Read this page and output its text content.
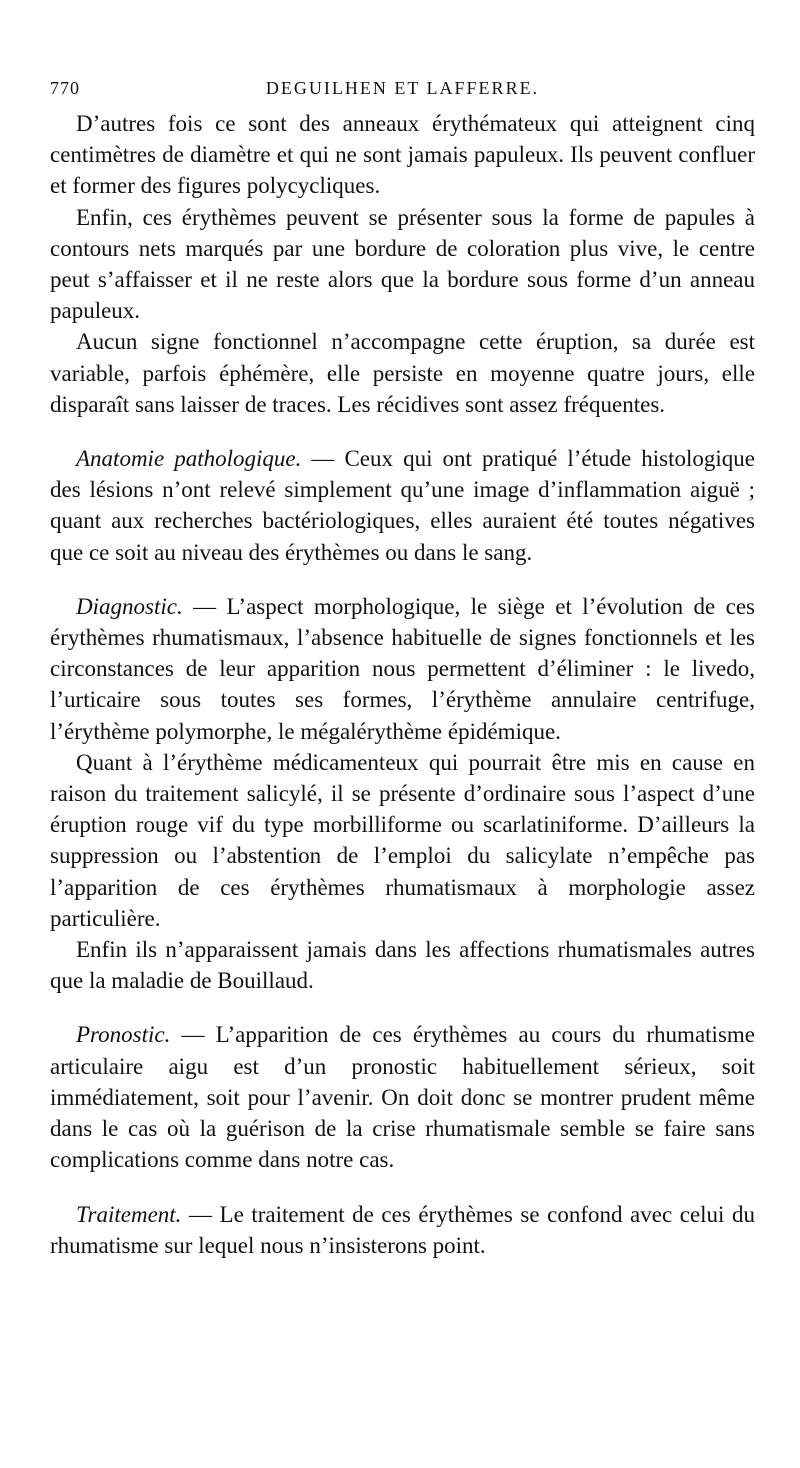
770	DEGUILHEN ET LAFFERRE.

D’autres fois ce sont des anneaux érythémateux qui atteignent cinq centimètres de diamètre et qui ne sont jamais papuleux. Ils peuvent confluer et former des figures polycycliques.

Enfin, ces érythèmes peuvent se présenter sous la forme de papules à contours nets marqués par une bordure de coloration plus vive, le centre peut s’affaisser et il ne reste alors que la bordure sous forme d’un anneau papuleux.

Aucun signe fonctionnel n’accompagne cette éruption, sa durée est variable, parfois éphémère, elle persiste en moyenne quatre jours, elle disparaît sans laisser de traces. Les récidives sont assez fréquentes.

Anatomie pathologique. — Ceux qui ont pratiqué l’étude histologique des lésions n’ont relevé simplement qu’une image d’inflammation aiguë ; quant aux recherches bactériologiques, elles auraient été toutes négatives que ce soit au niveau des érythèmes ou dans le sang.

Diagnostic. — L’aspect morphologique, le siège et l’évolution de ces érythèmes rhumatismaux, l’absence habituelle de signes fonctionnels et les circonstances de leur apparition nous permettent d’éliminer : le livedo, l’urticaire sous toutes ses formes, l’érythème annulaire centrifuge, l’érythème polymorphe, le mégalérythème épidémique.

Quant à l’érythème médicamenteux qui pourrait être mis en cause en raison du traitement salicylé, il se présente d’ordinaire sous l’aspect d’une éruption rouge vif du type morbilliforme ou scarlatiniforme. D’ailleurs la suppression ou l’abstention de l’emploi du salicylate n’empêche pas l’apparition de ces érythèmes rhumatismaux à morphologie assez particulière.

Enfin ils n’apparaissent jamais dans les affections rhumatismales autres que la maladie de Bouillaud.

Pronostic. — L’apparition de ces érythèmes au cours du rhumatisme articulaire aigu est d’un pronostic habituellement sérieux, soit immédiatement, soit pour l’avenir. On doit donc se montrer prudent même dans le cas où la guérison de la crise rhumatismale semble se faire sans complications comme dans notre cas.

Traitement. — Le traitement de ces érythèmes se confond avec celui du rhumatisme sur lequel nous n’insisterons point.
